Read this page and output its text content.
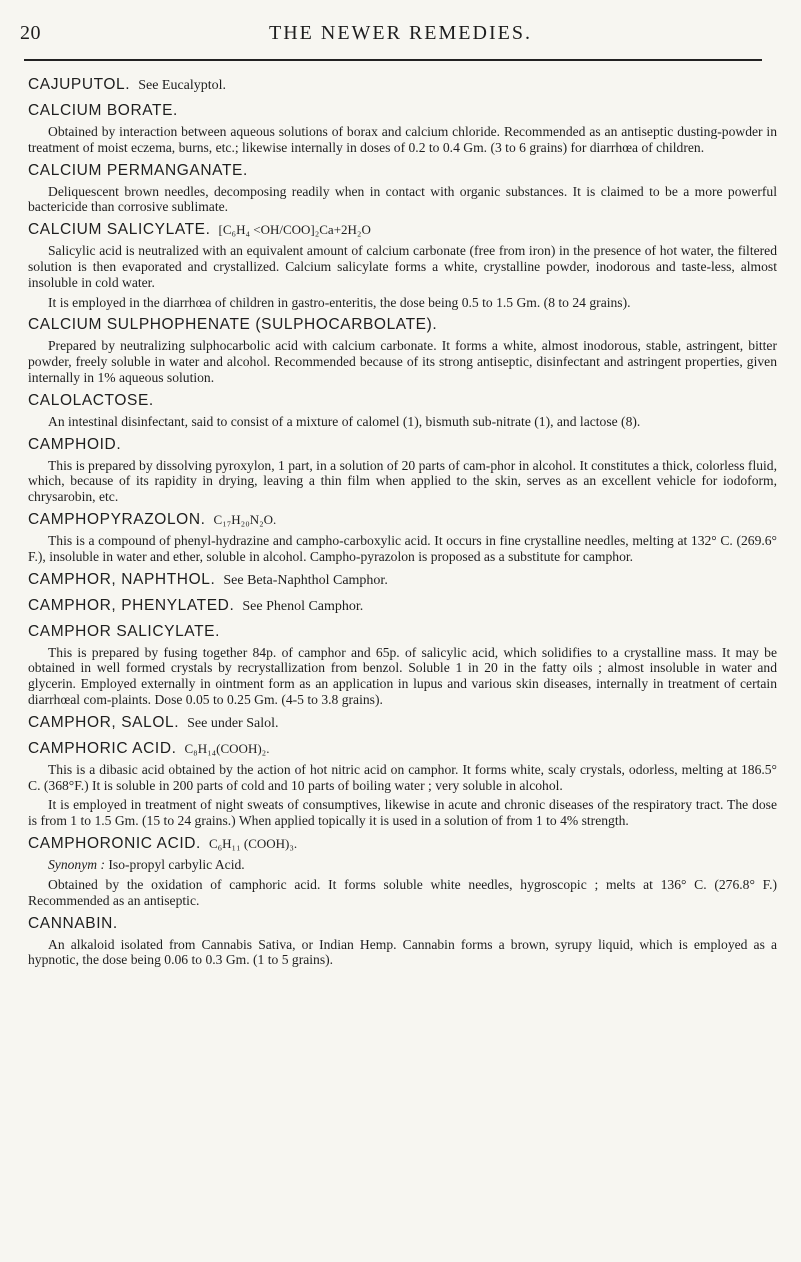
20	THE NEWER REMEDIES.
CAJUPUTOL. See Eucalyptol.
CALCIUM BORATE.

Obtained by interaction between aqueous solutions of borax and calcium chloride. Recommended as an antiseptic dusting-powder in treatment of moist eczema, burns, etc.; likewise internally in doses of 0.2 to 0.4 Gm. (3 to 6 grains) for diarrhœa of children.

CALCIUM PERMANGANATE.

Deliquescent brown needles, decomposing readily when in contact with organic substances. It is claimed to be a more powerful bactericide than corrosive sublimate.

CALCIUM SALICYLATE. [C₆H₄ <OH/COO]₂Ca+2H₂O

Salicylic acid is neutralized with an equivalent amount of calcium carbonate (free from iron) in the presence of hot water, the filtered solution is then evaporated and crystallized. Calcium salicylate forms a white, crystalline powder, inodorous and taste-less, almost insoluble in cold water.

It is employed in the diarrhœa of children in gastro-enteritis, the dose being 0.5 to 1.5 Gm. (8 to 24 grains).

CALCIUM SULPHOPHENATE (SULPHOCARBOLATE).

Prepared by neutralizing sulphocarbolic acid with calcium carbonate. It forms a white, almost inodorous, stable, astringent, bitter powder, freely soluble in water and alcohol. Recommended because of its strong antiseptic, disinfectant and astringent properties, given internally in 1% aqueous solution.

CALOLACTOSE.

An intestinal disinfectant, said to consist of a mixture of calomel (1), bismuth sub-nitrate (1), and lactose (8).

CAMPHOID.

This is prepared by dissolving pyroxylon, 1 part, in a solution of 20 parts of cam-phor in alcohol. It constitutes a thick, colorless fluid, which, because of its rapidity in drying, leaving a thin film when applied to the skin, serves as an excellent vehicle for iodoform, chrysarobin, etc.

CAMPHOPYRAZOLON. C₁₇H₂₀N₂O.

This is a compound of phenyl-hydrazine and campho-carboxylic acid. It occurs in fine crystalline needles, melting at 132° C. (269.6° F.), insoluble in water and ether, soluble in alcohol. Campho-pyrazolon is proposed as a substitute for camphor.

CAMPHOR, NAPHTHOL. See Beta-Naphthol Camphor.
CAMPHOR, PHENYLATED. See Phenol Camphor.
CAMPHOR SALICYLATE.

This is prepared by fusing together 84p. of camphor and 65p. of salicylic acid, which solidifies to a crystalline mass. It may be obtained in well formed crystals by recrystallization from benzol. Soluble 1 in 20 in the fatty oils ; almost insoluble in water and glycerin. Employed externally in ointment form as an application in lupus and various skin diseases, internally in treatment of certain diarrhœal com-plaints. Dose 0.05 to 0.25 Gm. (4-5 to 3.8 grains).

CAMPHOR, SALOL. See under Salol.
CAMPHORIC ACID. C₈H₁₄(COOH)₂.

This is a dibasic acid obtained by the action of hot nitric acid on camphor. It forms white, scaly crystals, odorless, melting at 186.5° C. (368°F.) It is soluble in 200 parts of cold and 10 parts of boiling water ; very soluble in alcohol.

It is employed in treatment of night sweats of consumptives, likewise in acute and chronic diseases of the respiratory tract. The dose is from 1 to 1.5 Gm. (15 to 24 grains.) When applied topically it is used in a solution of from 1 to 4% strength.

CAMPHORONIC ACID. C₆H₁₁ (COOH)₃.
Synonym : Iso-propyl carbylic Acid.

Obtained by the oxidation of camphoric acid. It forms soluble white needles, hygroscopic ; melts at 136° C. (276.8° F.) Recommended as an antiseptic.

CANNABIN.

An alkaloid isolated from Cannabis Sativa, or Indian Hemp. Cannabin forms a brown, syrupy liquid, which is employed as a hypnotic, the dose being 0.06 to 0.3 Gm. (1 to 5 grains).
